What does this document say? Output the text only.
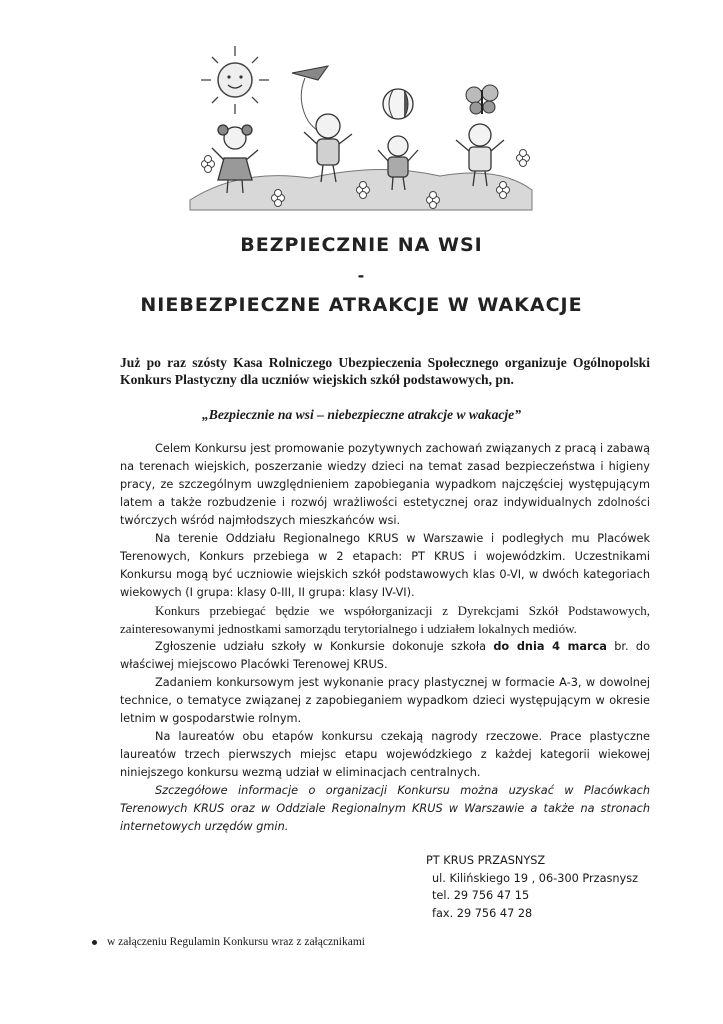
BEZPIECZNIE NA WSI
-
NIEBEZPIECZNE ATRAKCJE W WAKACJE
Już po raz szósty Kasa Rolniczego Ubezpieczenia Społecznego organizuje Ogólnopolski Konkurs Plastyczny dla uczniów wiejskich szkół podstawowych, pn.
„Bezpiecznie na wsi – niebezpieczne atrakcje w wakacje”

Celem Konkursu jest promowanie pozytywnych zachowań związanych z pracą i zabawą na terenach wiejskich, poszerzanie wiedzy dzieci na temat zasad bezpieczeństwa i higieny pracy, ze szczególnym uwzględnieniem zapobiegania wypadkom najczęściej występującym latem a także rozbudzenie i rozwój wrażliwości estetycznej oraz indywidualnych zdolności twórczych wśród najmłodszych mieszkańców wsi.

Na terenie Oddziału Regionalnego KRUS w Warszawie i podległych mu Placówek Terenowych, Konkurs przebiega w 2 etapach: PT KRUS i wojewódzkim. Uczestnikami Konkursu mogą być uczniowie wiejskich szkół podstawowych klas 0-VI, w dwóch kategoriach wiekowych (I grupa: klasy 0-III, II grupa: klasy IV-VI).

Konkurs przebiegać będzie we współorganizacji z Dyrekcjami Szkół Podstawowych, zainteresowanymi jednostkami samorządu terytorialnego i udziałem lokalnych mediów.

Zgłoszenie udziału szkoły w Konkursie dokonuje szkoła do dnia 4 marca br. do właściwej miejscowo Placówki Terenowej KRUS.

Zadaniem konkursowym jest wykonanie pracy plastycznej w formacie A-3, w dowolnej technice, o tematyce związanej z zapobieganiem wypadkom dzieci występującym w okresie letnim w gospodarstwie rolnym.

Na laureatów obu etapów konkursu czekają nagrody rzeczowe. Prace plastyczne laureatów trzech pierwszych miejsc etapu wojewódzkiego z każdej kategorii wiekowej niniejszego konkursu wezmą udział w eliminacjach centralnych.

Szczegółowe informacje o organizacji Konkursu można uzyskać w Placówkach Terenowych KRUS oraz w Oddziale Regionalnym KRUS w Warszawie a także na stronach internetowych urzędów gmin.

PT KRUS PRZASNYSZ
ul. Kilińskiego 19 , 06-300 Przasnysz
tel. 29 756 47 15
fax. 29 756 47 28
w załączeniu Regulamin Konkursu wraz z załącznikami
